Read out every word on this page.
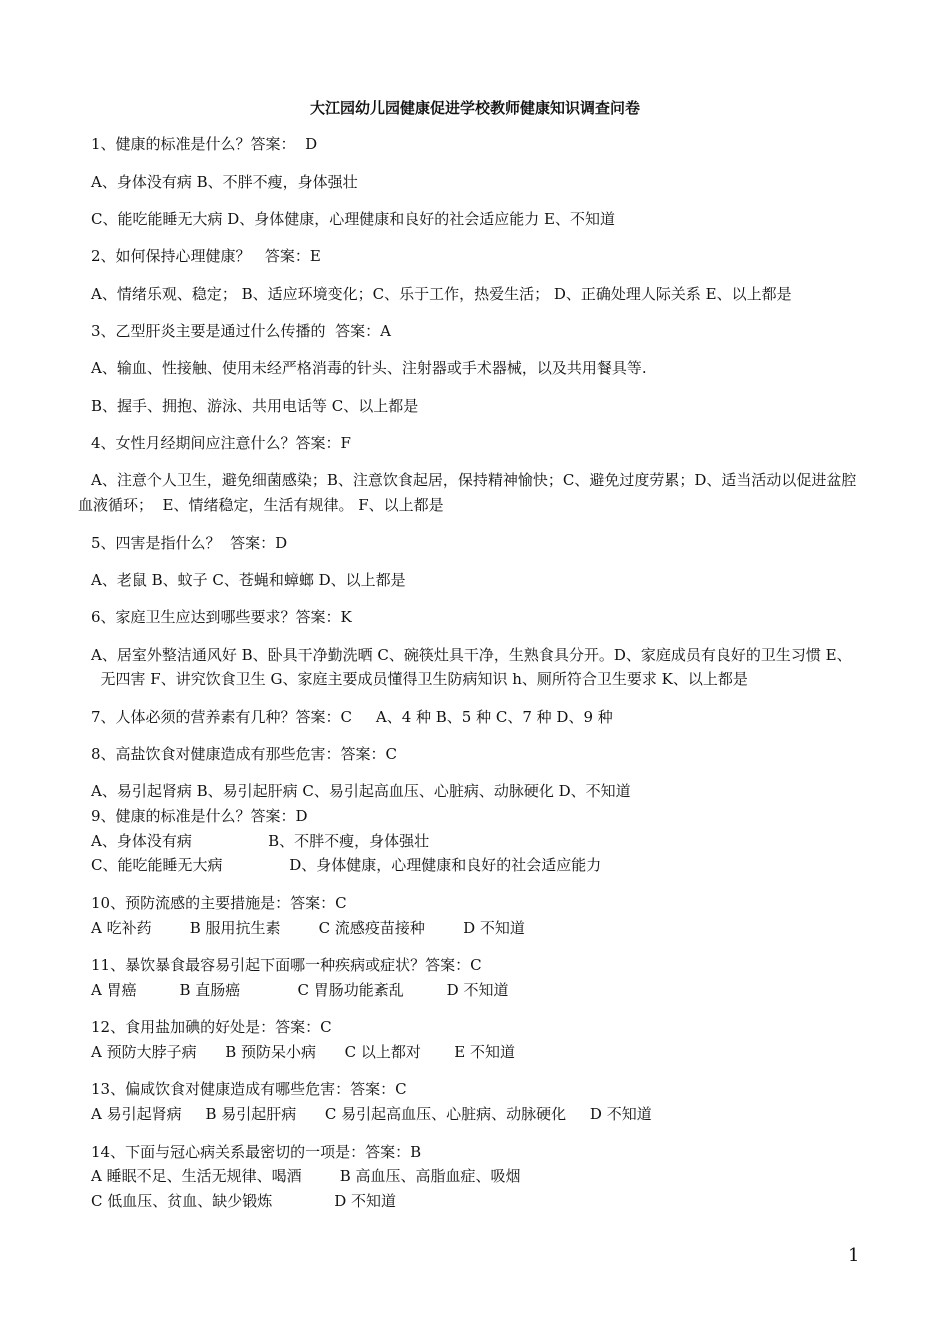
大江园幼儿园健康促进学校教师健康知识调查问卷
1、健康的标准是什么？答案：  D
A、身体没有病 B、不胖不瘦，身体强壮
C、能吃能睡无大病 D、身体健康，心理健康和良好的社会适应能力 E、不知道
2、如何保持心理健康？   答案：E
A、情绪乐观、稳定； B、适应环境变化；C、乐于工作，热爱生活； D、正确处理人际关系 E、以上都是
3、乙型肝炎主要是通过什么传播的  答案：A
A、输血、性接触、使用未经严格消毒的针头、注射器或手术器械，以及共用餐具等.
B、握手、拥抱、游泳、共用电话等 C、以上都是
4、女性月经期间应注意什么？答案：F
A、注意个人卫生，避免细菌感染；B、注意饮食起居，保持精神愉快；C、避免过度劳累；D、适当活动以促进盆腔
血液循环；  E、情绪稳定，生活有规律。 F、以上都是
5、四害是指什么？  答案：D
A、老鼠 B、蚊子 C、苍蝇和蟑螂 D、以上都是
6、家庭卫生应达到哪些要求？答案：K
A、居室外整洁通风好 B、卧具干净勤洗晒 C、碗筷灶具干净，生熟食具分开。D、家庭成员有良好的卫生习惯 E、
无四害 F、讲究饮食卫生 G、家庭主要成员懂得卫生防病知识 h、厕所符合卫生要求 K、以上都是
7、人体必须的营养素有几种？答案：C     A、4 种 B、5 种 C、7 种 D、9 种
8、高盐饮食对健康造成有那些危害：答案：C
A、易引起肾病 B、易引起肝病 C、易引起高血压、心脏病、动脉硬化 D、不知道
9、健康的标准是什么？答案：D
A、身体没有病                B、不胖不瘦，身体强壮
C、能吃能睡无大病              D、身体健康，心理健康和良好的社会适应能力
10、预防流感的主要措施是：答案：C
A 吃补药        B 服用抗生素        C 流感疫苗接种        D 不知道
11、暴饮暴食最容易引起下面哪一种疾病或症状？答案：C
A 胃癌         B 直肠癌            C 胃肠功能紊乱         D 不知道
12、食用盐加碘的好处是：答案：C
A 预防大脖子病      B 预防呆小病      C 以上都对       E 不知道
13、偏咸饮食对健康造成有哪些危害：答案：C
A 易引起肾病     B 易引起肝病      C 易引起高血压、心脏病、动脉硬化     D 不知道
14、下面与冠心病关系最密切的一项是：答案：B
A 睡眠不足、生活无规律、喝酒        B 高血压、高脂血症、吸烟
C 低血压、贫血、缺少锻炼             D 不知道
1
